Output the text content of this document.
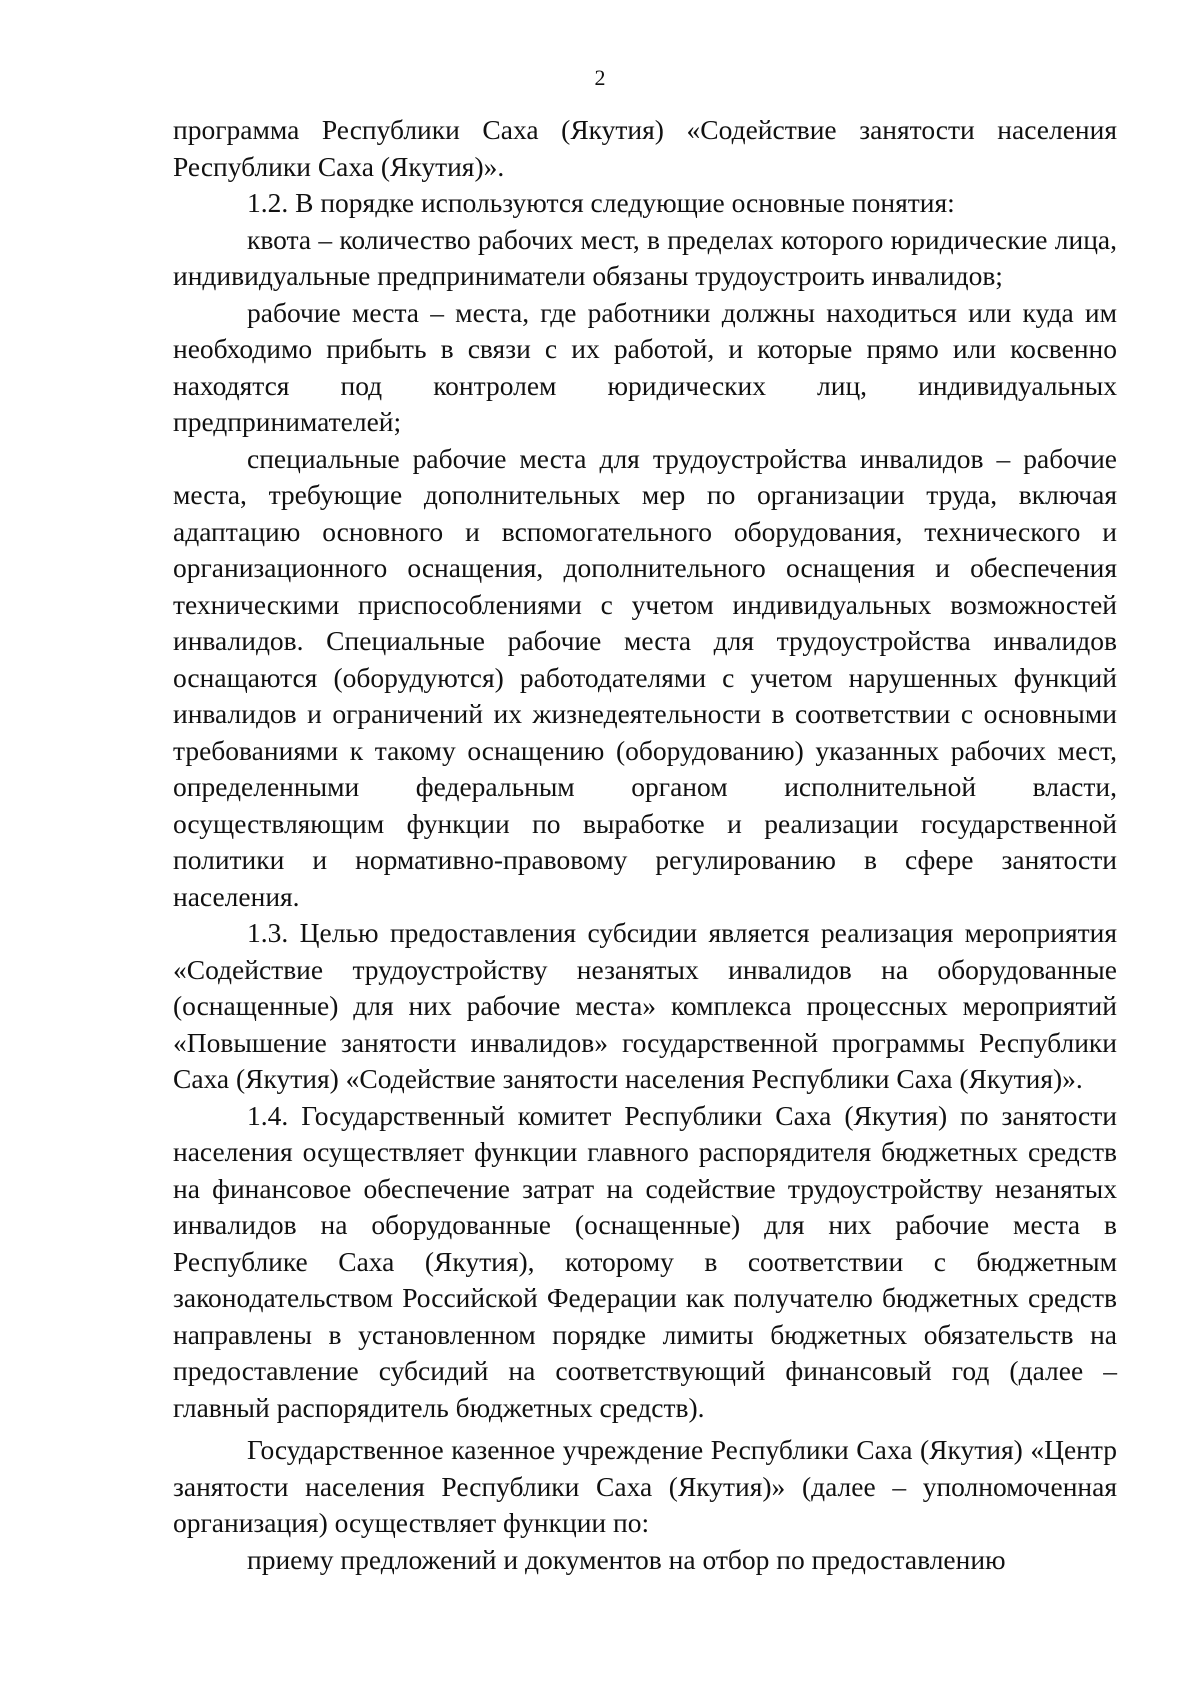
2

программа Республики Саха (Якутия) «Содействие занятости населения Республики Саха (Якутия)».

1.2. В порядке используются следующие основные понятия:

квота – количество рабочих мест, в пределах которого юридические лица, индивидуальные предприниматели обязаны трудоустроить инвалидов;

рабочие места – места, где работники должны находиться или куда им необходимо прибыть в связи с их работой, и которые прямо или косвенно находятся под контролем юридических лиц, индивидуальных предпринимателей;

специальные рабочие места для трудоустройства инвалидов – рабочие места, требующие дополнительных мер по организации труда, включая адаптацию основного и вспомогательного оборудования, технического и организационного оснащения, дополнительного оснащения и обеспечения техническими приспособлениями с учетом индивидуальных возможностей инвалидов. Специальные рабочие места для трудоустройства инвалидов оснащаются (оборудуются) работодателями с учетом нарушенных функций инвалидов и ограничений их жизнедеятельности в соответствии с основными требованиями к такому оснащению (оборудованию) указанных рабочих мест, определенными федеральным органом исполнительной власти, осуществляющим функции по выработке и реализации государственной политики и нормативно-правовому регулированию в сфере занятости населения.

1.3. Целью предоставления субсидии является реализация мероприятия «Содействие трудоустройству незанятых инвалидов на оборудованные (оснащенные) для них рабочие места» комплекса процессных мероприятий «Повышение занятости инвалидов» государственной программы Республики Саха (Якутия) «Содействие занятости населения Республики Саха (Якутия)».

1.4. Государственный комитет Республики Саха (Якутия) по занятости населения осуществляет функции главного распорядителя бюджетных средств на финансовое обеспечение затрат на содействие трудоустройству незанятых инвалидов на оборудованные (оснащенные) для них рабочие места в Республике Саха (Якутия), которому в соответствии с бюджетным законодательством Российской Федерации как получателю бюджетных средств направлены в установленном порядке лимиты бюджетных обязательств на предоставление субсидий на соответствующий финансовый год (далее – главный распорядитель бюджетных средств).

Государственное казенное учреждение Республики Саха (Якутия) «Центр занятости населения Республики Саха (Якутия)» (далее – уполномоченная организация) осуществляет функции по:

приему предложений и документов на отбор по предоставлению
